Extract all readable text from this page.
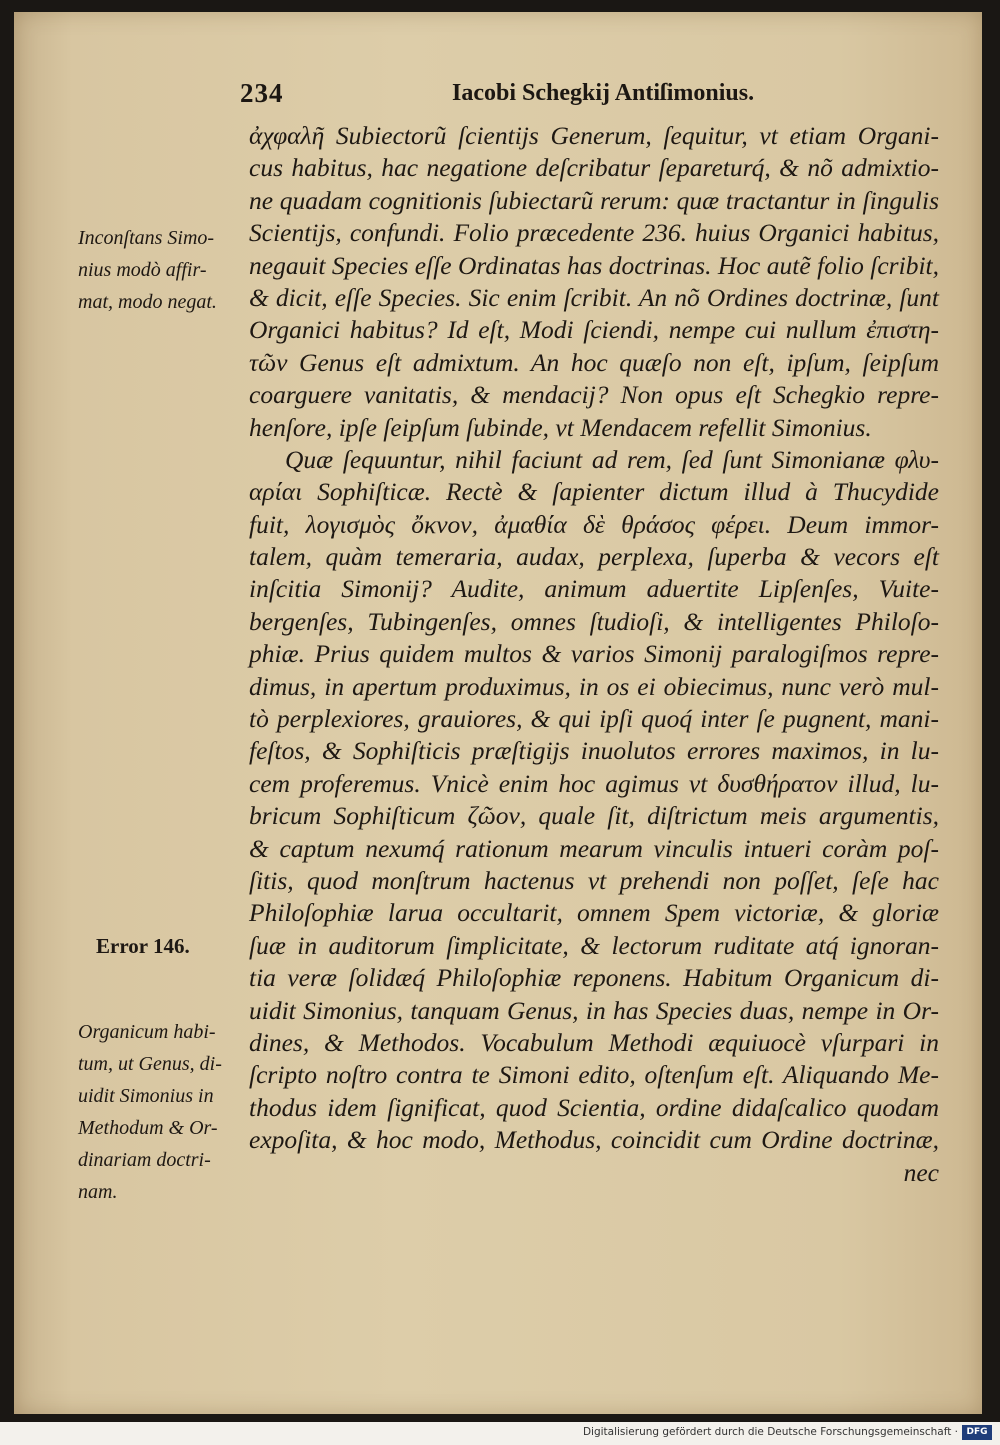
234	Iacobi Schegkij Antiſimonius.
ἀχφαλῆ Subiectorũ ſcientijs Generum, ſequitur, vt etiam Organi-
cus habitus, hac negatione deſcribatur ſepareturq́, & nõ admixtio-
ne quadam cognitionis ſubiectarũ rerum: quæ tractantur in ſingulis
Scientijs, confundi. Folio præcedente 236. huius Organici habitus,
negauit Species eſſe Ordinatas has doctrinas. Hoc autẽ folio ſcribit,
& dicit, eſſe Species. Sic enim ſcribit. An nõ Ordines doctrinæ, ſunt
Organici habitus? Id eſt, Modi ſciendi, nempe cui nullum ἐπιστη-
τῶν Genus eſt admixtum. An hoc quæſo non eſt, ipſum, ſeipſum
coarguere vanitatis, & mendacij? Non opus eſt Schegkio repre-
henſore, ipſe ſeipſum ſubinde, vt Mendacem refellit Simonius.
Quæ ſequuntur, nihil faciunt ad rem, ſed ſunt Simonianæ φλυ-
αρίαι Sophiſticæ. Rectè & ſapienter dictum illud à Thucydide
fuit, λογισμὸς ὄκνον, ἀμαθία δὲ θράσος φέρει. Deum immor-
talem, quàm temeraria, audax, perplexa, ſuperba & vecors eſt
inſcitia Simonij? Audite, animum aduertite Lipſenſes, Vuite-
bergenſes, Tubingenſes, omnes ſtudioſi, & intelligentes Philoſo-
phiæ. Prius quidem multos & varios Simonij paralogiſmos repre-
dimus, in apertum produximus, in os ei obiecimus, nunc verò mul-
tò perplexiores, grauiores, & qui ipſi quoq́ inter ſe pugnent, mani-
feſtos, & Sophiſticis præſtigijs inuolutos errores maximos, in lu-
cem proferemus. Vnicè enim hoc agimus vt δυσθήρατον illud, lu-
bricum Sophiſticum ζῶον, quale ſit, diſtrictum meis argumentis,
& captum nexumq́ rationum mearum vinculis intueri coràm poſ-
ſitis, quod monſtrum hactenus vt prehendi non poſſet, ſeſe hac
Philoſophiæ larua occultarit, omnem Spem victoriæ, & gloriæ
ſuæ in auditorum ſimplicitate, & lectorum ruditate atq́ ignoran-
tia veræ ſolidæq́ Philoſophiæ reponens. Habitum Organicum di-
uidit Simonius, tanquam Genus, in has Species duas, nempe in Or-
dines, & Methodos. Vocabulum Methodi æquiuocè vſurpari in
ſcripto noſtro contra te Simoni edito, oſtenſum eſt. Aliquando Me-
thodus idem ſignificat, quod Scientia, ordine didaſcalico quodam
expoſita, & hoc modo, Methodus, coincidit cum Ordine doctrinæ,
nec
Inconſtans Simo-
nius modò affir-
mat, modo negat.
Error 146.
Organicum habi-
tum, ut Genus, di-
uidit Simonius in
Methodum & Or-
dinariam doctri-
nam.
Digitalisierung gefördert durch die Deutsche Forschungsgemeinschaft · DFG
